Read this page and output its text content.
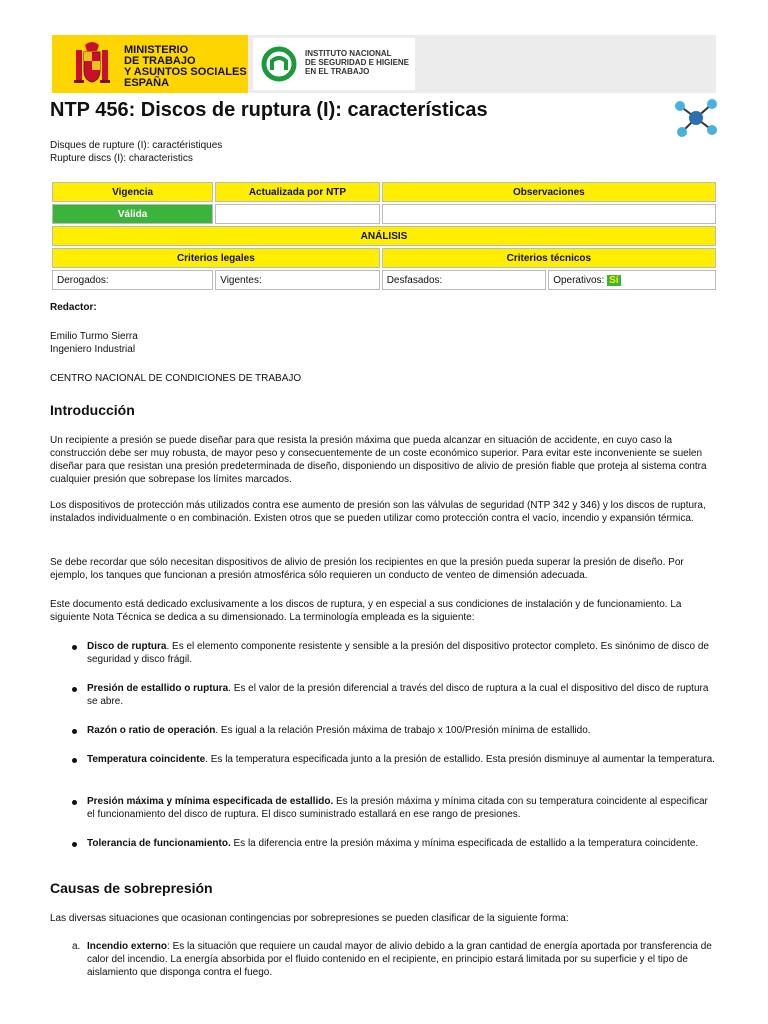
MINISTERIO
DE TRABAJO
Y ASUNTOS SOCIALES
ESPAÑA
INSTITUTO NACIONAL
DE SEGURIDAD E HIGIENE
EN EL TRABAJO
NTP 456: Discos de ruptura (I): características
Disques de rupture (I): caractéristiques
Rupture discs (I): characteristics
Vigencia	Actualizada por NTP	Observaciones	
Válida			
ANÁLISIS			
Criterios legales		Criterios técnicos	
Derogados:	Vigentes:	Desfasados:	Operativos: Sí
Redactor:
Emilio Turmo Sierra
Ingeniero Industrial
CENTRO NACIONAL DE CONDICIONES DE TRABAJO
Introducción
Un recipiente a presión se puede diseñar para que resista la presión máxima que pueda alcanzar en situación de accidente, en cuyo caso la construcción debe ser muy robusta, de mayor peso y consecuentemente de un coste económico superior. Para evitar este inconveniente se suelen diseñar para que resistan una presión predeterminada de diseño, disponiendo un dispositivo de alivio de presión fiable que proteja al sistema contra cualquier presión que sobrepase los límites marcados.
Los dispositivos de protección más utilizados contra ese aumento de presión son las válvulas de seguridad (NTP 342 y 346) y los discos de ruptura, instalados individualmente o en combinación. Existen otros que se pueden utilizar como protección contra el vacío, incendio y expansión térmica.
Se debe recordar que sólo necesitan dispositivos de alivio de presión los recipientes en que la presión pueda superar la presión de diseño. Por ejemplo, los tanques que funcionan a presión atmosférica sólo requieren un conducto de venteo de dimensión adecuada.
Este documento está dedicado exclusivamente a los discos de ruptura, y en especial a sus condiciones de instalación y de funcionamiento. La siguiente Nota Técnica se dedica a su dimensionado. La terminología empleada es la siguiente:
Disco de ruptura. Es el elemento componente resistente y sensible a la presión del dispositivo protector completo. Es sinónimo de disco de seguridad y disco frágil.
Presión de estallido o ruptura. Es el valor de la presión diferencial a través del disco de ruptura a la cual el dispositivo del disco de ruptura se abre.
Razón o ratio de operación. Es igual a la relación Presión máxima de trabajo x 100/Presión mínima de estallido.
Temperatura coincidente. Es la temperatura especificada junto a la presión de estallido. Esta presión disminuye al aumentar la temperatura.
Presión máxima y mínima especificada de estallido. Es la presión máxima y mínima citada con su temperatura coincidente al especificar el funcionamiento del disco de ruptura. El disco suministrado estallará en ese rango de presiones.
Tolerancia de funcionamiento. Es la diferencia entre la presión máxima y mínima especificada de estallido a la temperatura coincidente.
Causas de sobrepresión
Las diversas situaciones que ocasionan contingencias por sobrepresiones se pueden clasificar de la siguiente forma:
a. Incendio externo: Es la situación que requiere un caudal mayor de alivio debido a la gran cantidad de energía aportada por transferencia de calor del incendio. La energía absorbida por el fluido contenido en el recipiente, en principio estará limitada por su superficie y el tipo de aislamiento que disponga contra el fuego.
